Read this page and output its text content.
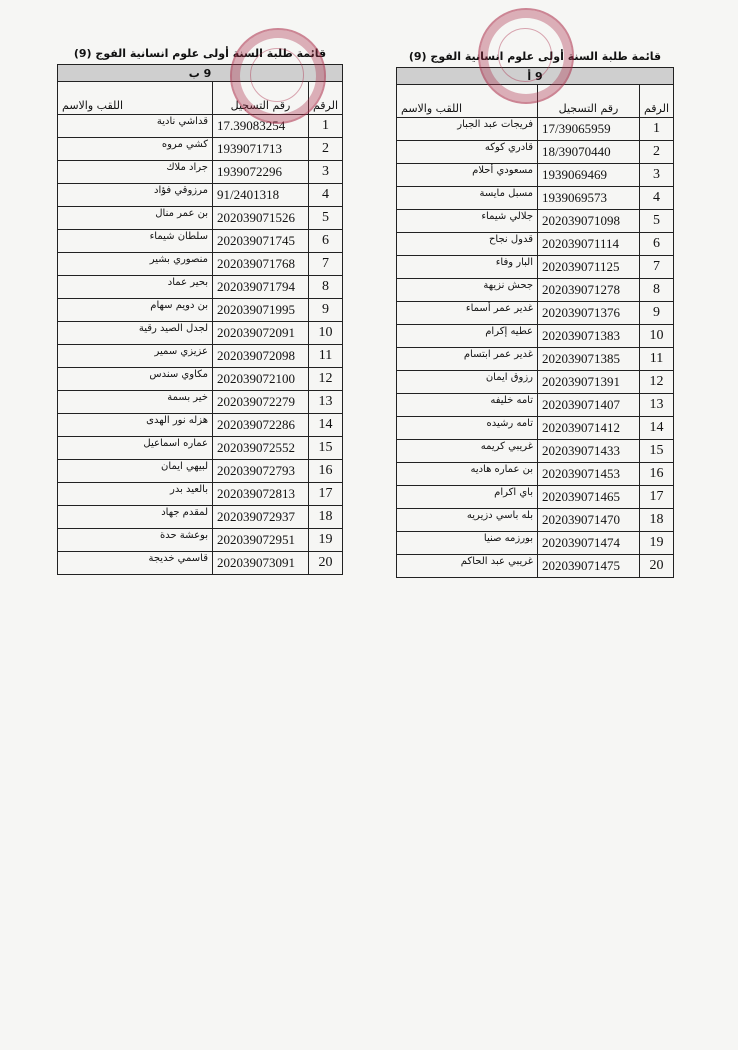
قائمة طلبة السنة أولى علوم انسانية الفوج (9)
9 ب		
الرقم	رقم التسجيل	اللقب والاسم
1	17.39083254	قداشي نادية
2	1939071713	كشي مروه
3	1939072296	جراد ملاك
4	91/2401318	مرزوقي فؤاد
5	202039071526	بن عمر منال
6	202039071745	سلطان شيماء
7	202039071768	منصوري بشير
8	202039071794	بحير عماد
9	202039071995	بن دويم سهام
10	202039072091	لجدل الصيد رقية
11	202039072098	عزيزي سمير
12	202039072100	مكاوي سندس
13	202039072279	خير بسمة
14	202039072286	هزله نور الهدى
15	202039072552	عماره اسماعيل
16	202039072793	لبيهي ايمان
17	202039072813	بالعيد بدر
18	202039072937	لمقدم جهاد
19	202039072951	بوعشة حدة
20	202039073091	قاسمي خديجة
قائمة طلبة السنة أولى علوم انسانية الفوج (9)
9 أ		
الرقم	رقم التسجيل	اللقب والاسم
1	17/39065959	فريجات عبد الجبار
2	18/39070440	قادري كوكه
3	1939069469	مسعودي أحلام
4	1939069573	مسبل مايسة
5	202039071098	جلالي شيماء
6	202039071114	قدول نجاح
7	202039071125	البار وفاء
8	202039071278	جحش نزيهة
9	202039071376	غدير عمر أسماء
10	202039071383	عطيه إكرام
11	202039071385	غدير عمر ابتسام
12	202039071391	رزوق ايمان
13	202039071407	تامه خليفه
14	202039071412	تامه رشيده
15	202039071433	غريبي كريمه
16	202039071453	بن عماره هاديه
17	202039071465	باي اكرام
18	202039071470	بله باسي دزيريه
19	202039071474	بورزمه صنيا
20	202039071475	غريبي عبد الحاكم
